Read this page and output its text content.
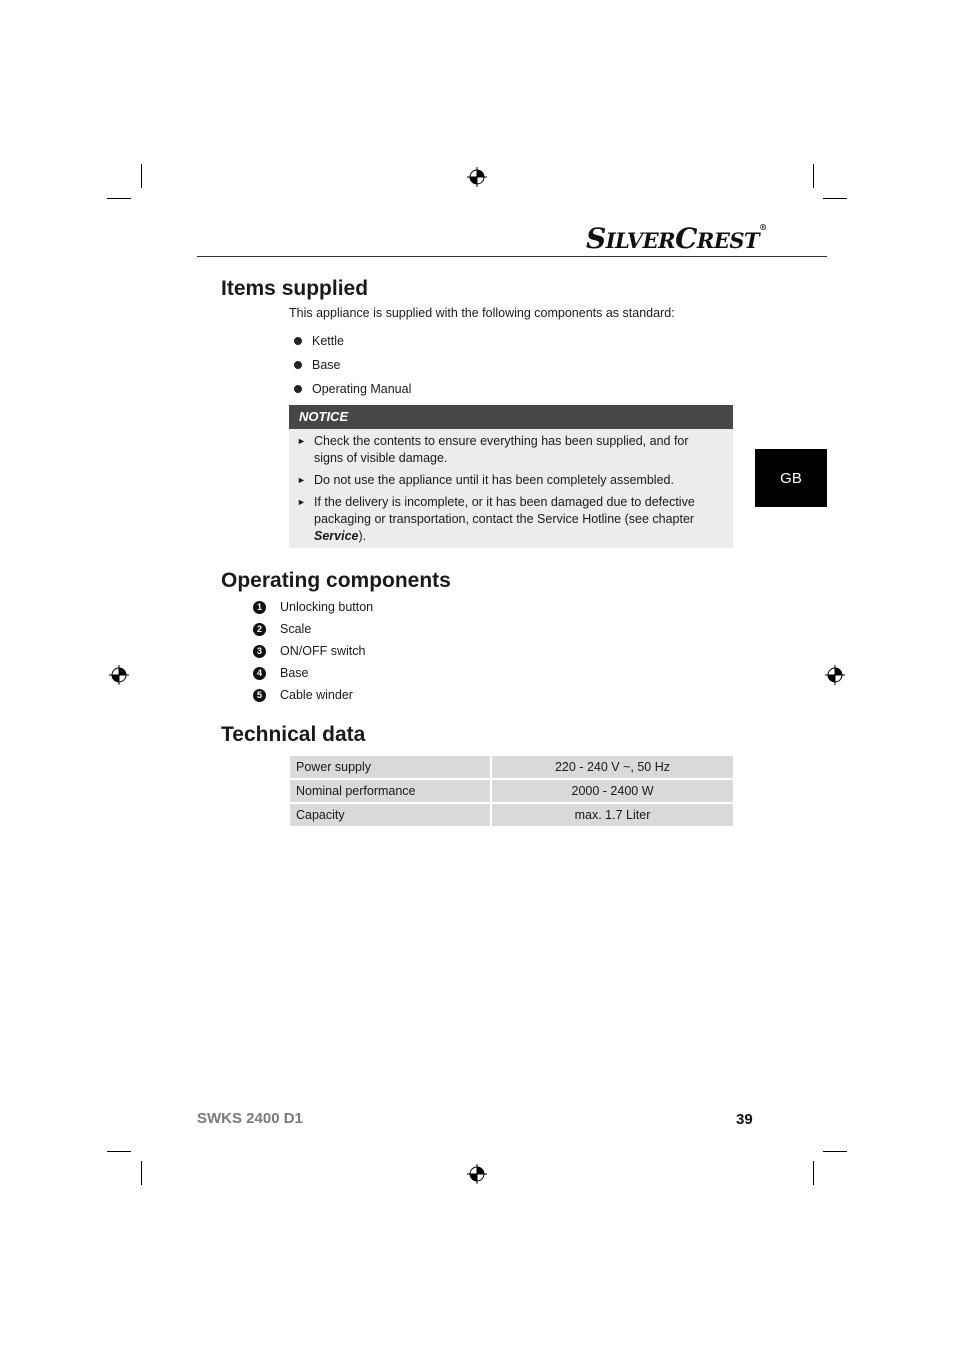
SILVERCREST®
Items supplied
This appliance is supplied with the following components as standard:
Kettle
Base
Operating Manual
NOTICE
► Check the contents to ensure everything has been supplied, and for signs of visible damage.
► Do not use the appliance until it has been completely assembled.
► If the delivery is incomplete, or it has been damaged due to defective packaging or transportation, contact the Service Hotline (see chapter Service).
Operating components
1	Unlocking button
2	Scale
3	ON/OFF switch
4	Base
5	Cable winder
Technical data
Power supply	220 - 240 V ~, 50 Hz
Nominal performance	2000 - 2400 W
Capacity	max. 1.7 Liter
GB
SWKS 2400 D1	39
